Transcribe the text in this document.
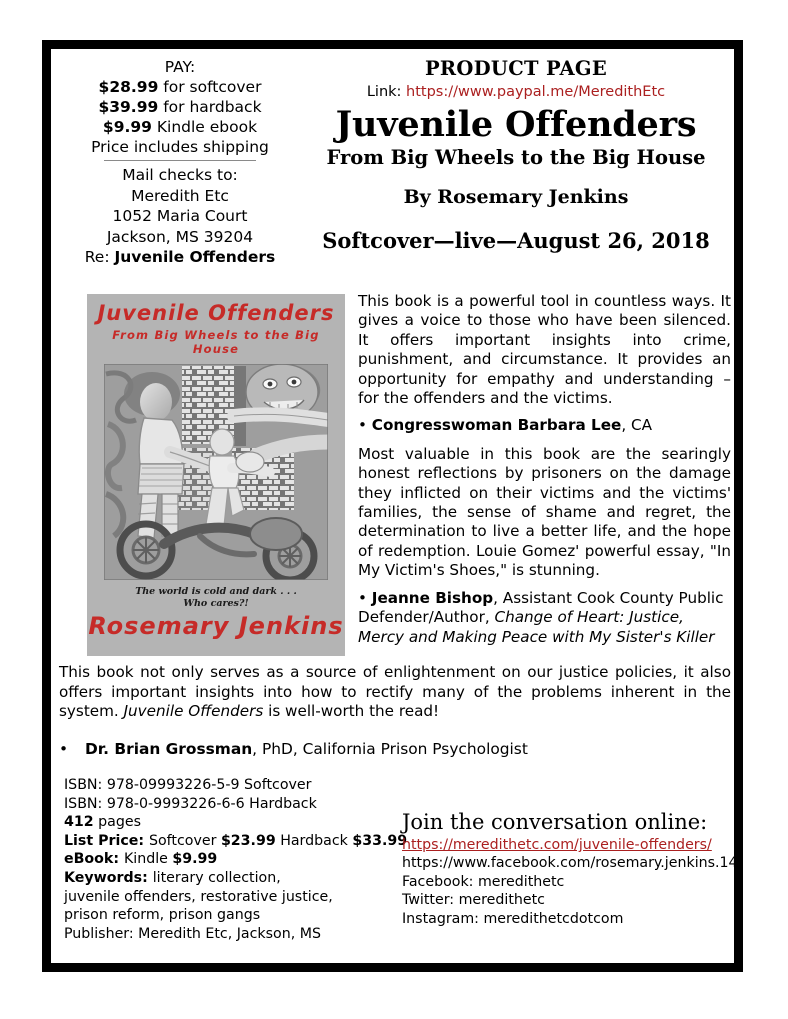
PAY:
$28.99 for softcover
$39.99 for hardback
$9.99 Kindle ebook
Price includes shipping
Mail checks to:
Meredith Etc
1052 Maria Court
Jackson, MS 39204
Re: Juvenile Offenders
PRODUCT PAGE
Link: https://www.paypal.me/MeredithEtc
Juvenile Offenders
From Big Wheels to the Big House
By Rosemary Jenkins
Softcover—live—August 26, 2018
Juvenile Offenders
From Big Wheels to the Big House
The world is cold and dark . . .
Who cares?!
Rosemary Jenkins

This book is a powerful tool in countless ways. It gives a voice to those who have been silenced. It offers important insights into crime, punishment, and circumstance. It provides an opportunity for empathy and understanding – for the offenders and the victims.

• Congresswoman Barbara Lee, CA

Most valuable in this book are the searingly honest reflections by prisoners on the damage they inflicted on their victims and the victims' families, the sense of shame and regret, the determination to live a better life, and the hope of redemption. Louie Gomez' powerful essay, "In My Victim's Shoes," is stunning.

• Jeanne Bishop, Assistant Cook County Public Defender/Author, Change of Heart: Justice, Mercy and Making Peace with My Sister's Killer

This book not only serves as a source of enlightenment on our justice policies, it also offers important insights into how to rectify many of the problems inherent in the system. Juvenile Offenders is well-worth the read!
• Dr. Brian Grossman, PhD, California Prison Psychologist
ISBN: 978-09993226-5-9 Softcover
ISBN: 978-0-9993226-6-6 Hardback
412 pages
List Price: Softcover $23.99 Hardback $33.99
eBook: Kindle $9.99
Keywords: literary collection,
juvenile offenders, restorative justice,
prison reform, prison gangs
Publisher: Meredith Etc, Jackson, MS
Join the conversation online:
https://meredithetc.com/juvenile-offenders/
https://www.facebook.com/rosemary.jenkins.14
Facebook: meredithetc
Twitter: meredithetc
Instagram: meredithetcdotcom
